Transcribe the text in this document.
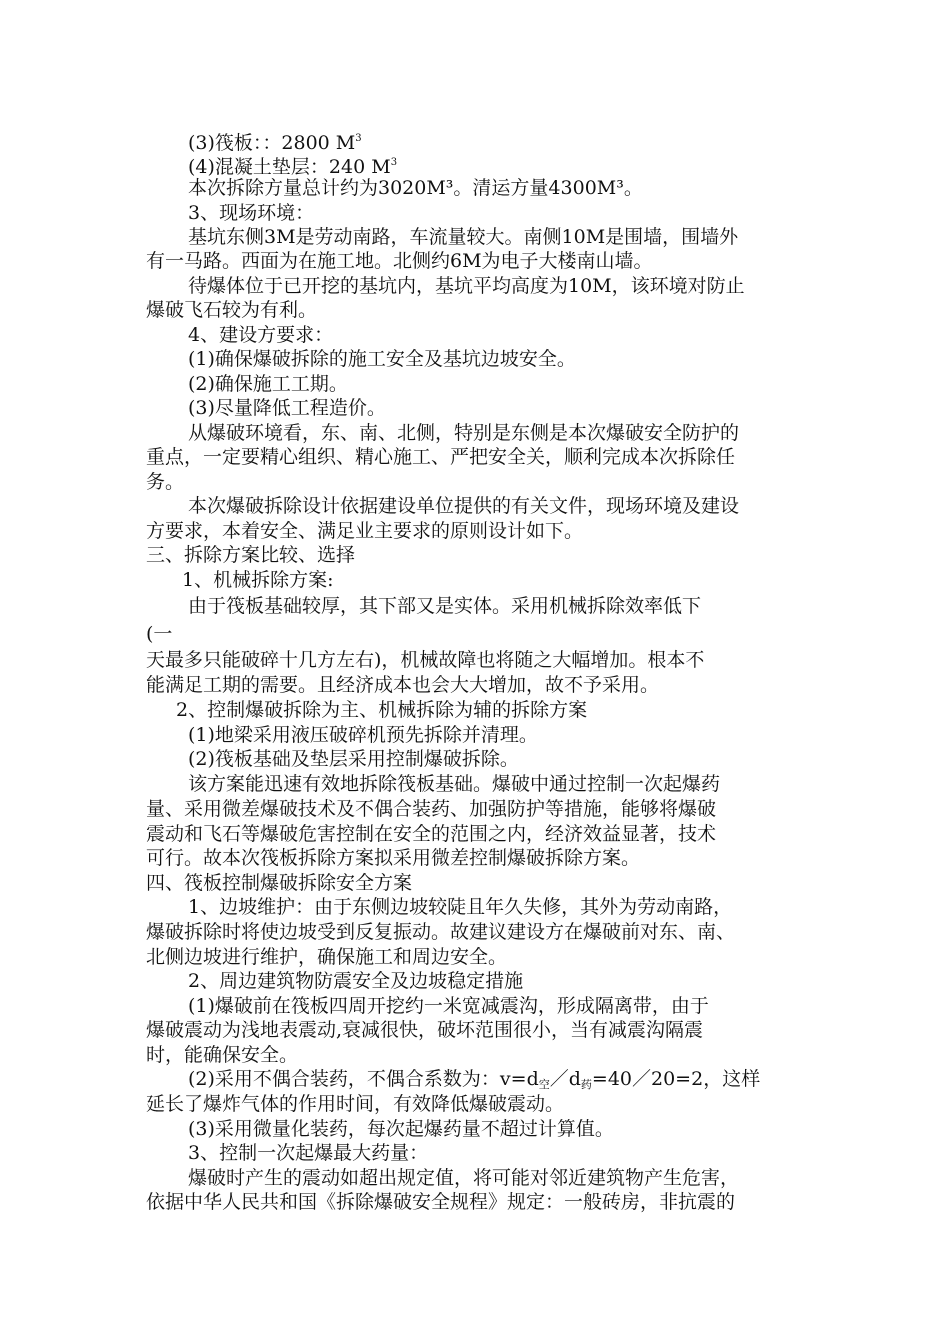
(3)筏板：：2800 $M^3$
(4)混凝土垫层：240 $M^3$
本次拆除方量总计约为3020M³。清运方量4300M³。
3、现场环境：
基坑东侧3M是劳动南路，车流量较大。南侧10M是围墙，围墙外
有一马路。西面为在施工地。北侧约6M为电子大楼南山墙。
待爆体位于已开挖的基坑内，基坑平均高度为10M，该环境对防止
爆破飞石较为有利。
4、建设方要求：
(1)确保爆破拆除的施工安全及基坑边坡安全。
(2)确保施工工期。
(3)尽量降低工程造价。
从爆破环境看，东、南、北侧，特别是东侧是本次爆破安全防护的
重点，一定要精心组织、精心施工、严把安全关，顺利完成本次拆除任
务。
本次爆破拆除设计依据建设单位提供的有关文件，现场环境及建设
方要求，本着安全、满足业主要求的原则设计如下。
三、拆除方案比较、选择
1、机械拆除方案:
由于筏板基础较厚，其下部又是实体。采用机械拆除效率低下
(一
天最多只能破碎十几方左右)，机械故障也将随之大幅增加。根本不
能满足工期的需要。且经济成本也会大大增加，故不予采用。
2、控制爆破拆除为主、机械拆除为辅的拆除方案
(1)地梁采用液压破碎机预先拆除并清理。
(2)筏板基础及垫层采用控制爆破拆除。
该方案能迅速有效地拆除筏板基础。爆破中通过控制一次起爆药
量、采用微差爆破技术及不偶合装药、加强防护等措施，能够将爆破
震动和飞石等爆破危害控制在安全的范围之内，经济效益显著，技术
可行。故本次筏板拆除方案拟采用微差控制爆破拆除方案。
四、筏板控制爆破拆除安全方案
1、边坡维护：由于东侧边坡较陡且年久失修，其外为劳动南路，
爆破拆除时将使边坡受到反复振动。故建议建设方在爆破前对东、南、
北侧边坡进行维护，确保施工和周边安全。
2、周边建筑物防震安全及边坡稳定措施
(1)爆破前在筏板四周开挖约一米宽减震沟，形成隔离带，由于
爆破震动为浅地表震动,衰减很快，破坏范围很小，当有减震沟隔震
时，能确保安全。
(2)采用不偶合装药，不偶合系数为：$v=d_空/d_药=40/20=2$，这样
延长了爆炸气体的作用时间，有效降低爆破震动。
(3)采用微量化装药，每次起爆药量不超过计算值。
3、控制一次起爆最大药量：
爆破时产生的震动如超出规定值，将可能对邻近建筑物产生危害，
依据中华人民共和国《拆除爆破安全规程》规定：一般砖房，非抗震的
